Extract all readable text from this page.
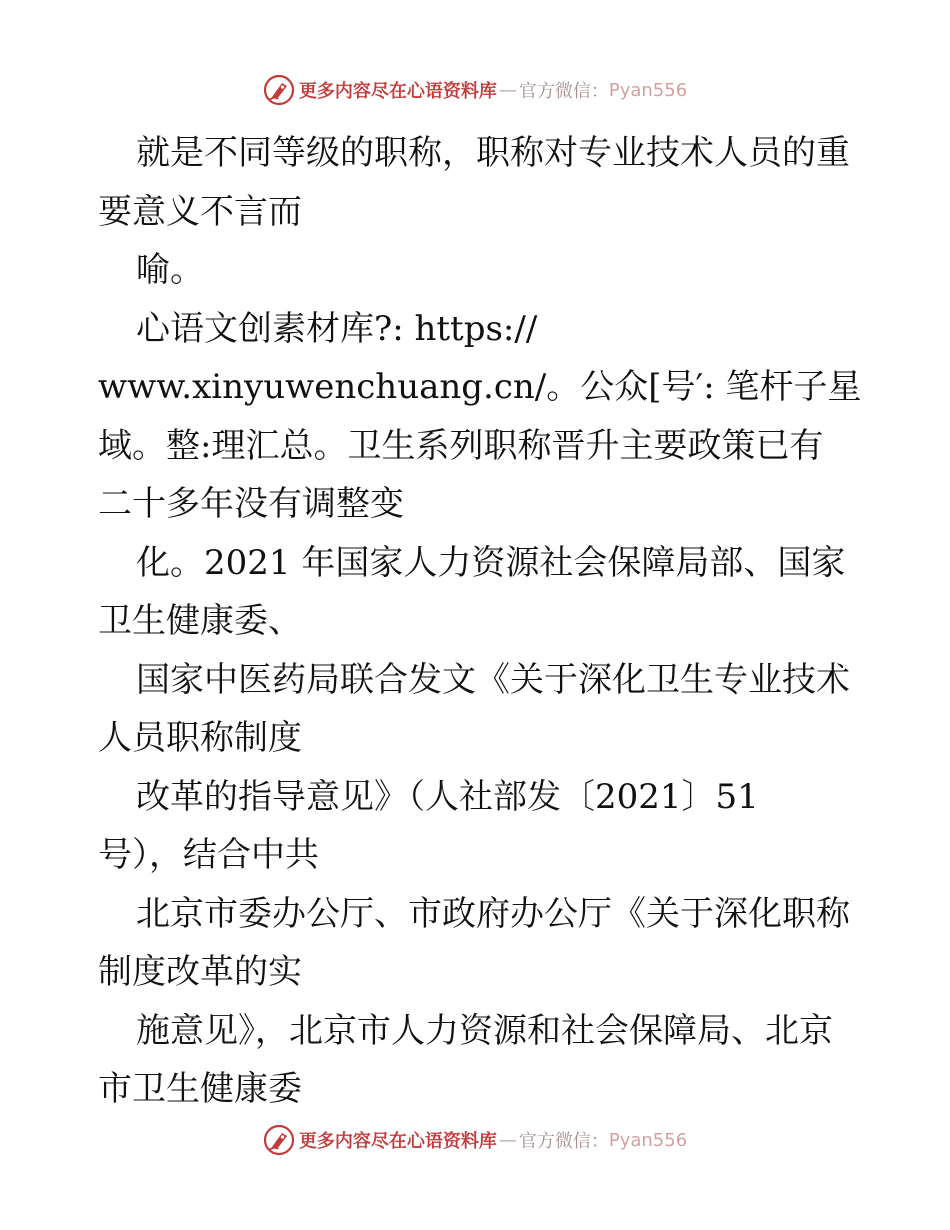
更多内容尽在心语资料库 — 官方微信： Pyan556
就是不同等级的职称，职称对专业技术人员的重
要意义不言而
喻。
心语文创素材库?: https://
www.xinyuwenchuang.cn/。公众[号′: 笔杆子星
域。整:理汇总。卫生系列职称晋升主要政策已有
二十多年没有调整变
化。2021 年国家人力资源社会保障局部、国家
卫生健康委、
国家中医药局联合发文《关于深化卫生专业技术
人员职称制度
改革的指导意见》（人社部发〔2021〕51
号），结合中共
北京市委办公厅、市政府办公厅《关于深化职称
制度改革的实
施意见》，北京市人力资源和社会保障局、北京
市卫生健康委
更多内容尽在心语资料库 — 官方微信： Pyan556
